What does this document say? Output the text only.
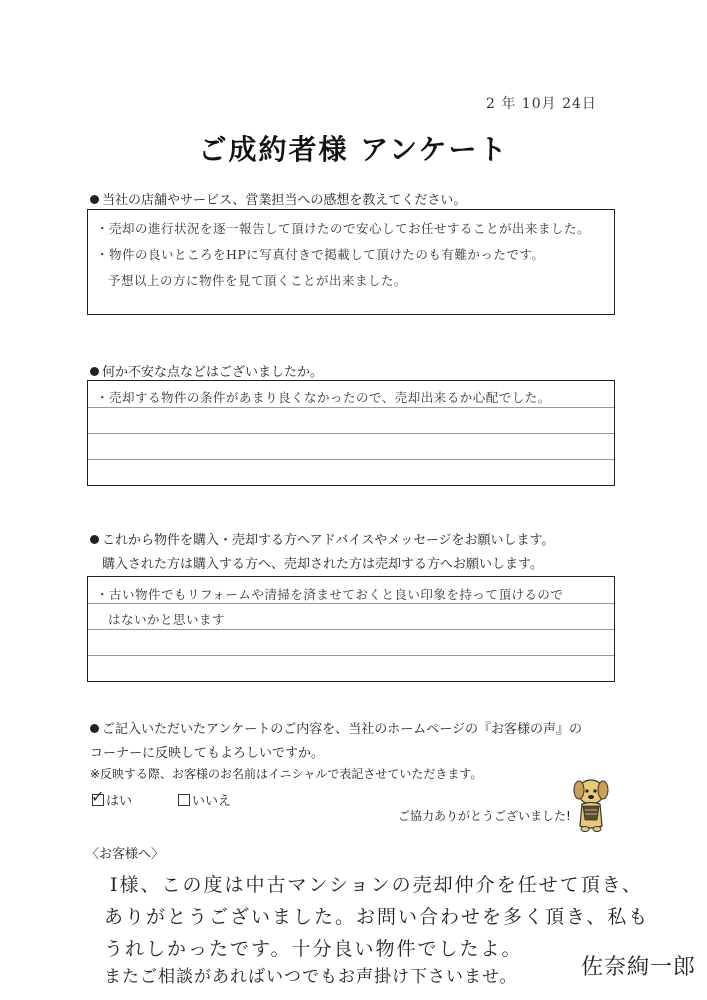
2 年 10月 24日
ご成約者様 アンケート
当社の店舗やサービス、営業担当への感想を教えてください。
・売却の進行状況を逐一報告して頂けたので安心してお任せすることが出来ました。
・物件の良いところをHPに写真付きで掲載して頂けたのも有難かったです。
予想以上の方に物件を見て頂くことが出来ました。
何か不安な点などはございましたか。
・売却する物件の条件があまり良くなかったので、売却出来るか心配でした。
これから物件を購入・売却する方へアドバイスやメッセージをお願いします。
購入された方は購入する方へ、売却された方は売却する方へお願いします。
・古い物件でもリフォームや清掃を済ませておくと良い印象を持って頂けるので
はないかと思います
ご記入いただいたアンケートのご内容を、当社のホームページの『お客様の声』の
コーナーに反映してもよろしいですか。
※反映する際、お客様のお名前はイニシャルで表記させていただきます。
✓ はい	いいえ
ご協力ありがとうございました!
〈お客様へ〉
I様、この度は中古マンションの売却仲介を任せて頂き、
ありがとうございました。お問い合わせを多く頂き、私も
うれしかったです。十分良い物件でしたよ。
またご相談があればいつでもお声掛け下さいませ。	佐奈絢一郎
